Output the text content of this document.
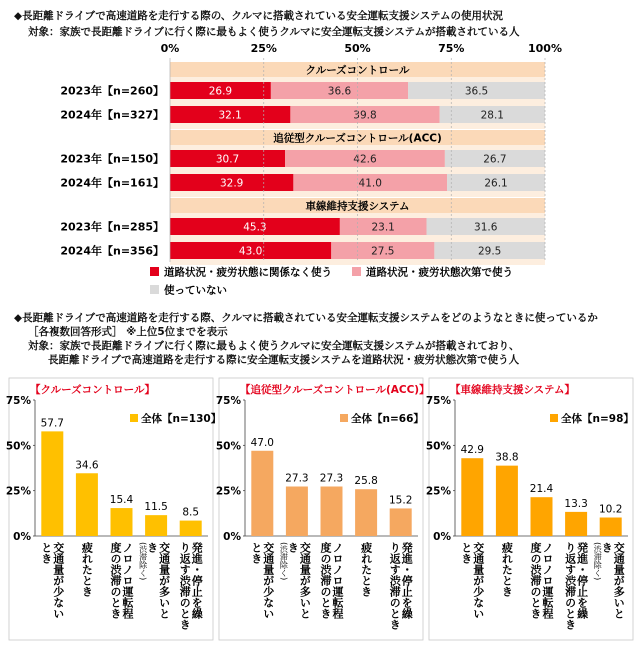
◆長距離ドライブで高速道路を走行する際の、クルマに搭載されている安全運転支援システムの使用状況
対象：家族で長距離ドライブに行く際に最もよく使うクルマに安全運転支援システムが搭載されている人
◆長距離ドライブで高速道路を走行する際、クルマに搭載されている安全運転支援システムをどのようなときに使っているか
［各複数回答形式］ ※上位5位までを表示
対象：家族で長距離ドライブに行く際に最もよく使うクルマに安全運転支援システムが搭載されており、
長距離ドライブで高速道路を走行する際に安全運転支援システムを道路状況・疲労状態次第で使う人
0%	25%	50%	75%	100%
クルーズコントロール
2023年【n=260】	26.9	36.6	36.5
2024年【n=327】	32.1	39.8	28.1
追従型クルーズコントロール(ACC)
2023年【n=150】	30.7	42.6	26.7
2024年【n=161】	32.9	41.0	26.1
車線維持支援システム
2023年【n=285】	45.3	23.1	31.6
2024年【n=356】	43.0	27.5	29.5
道路状況・疲労状態に関係なく使う	道路状況・疲労状態次第で使う
使っていない
【クルーズコントロール】
0%
25%
50%
75%
全体【n=130】
57.7
交通量が少ない
とき
34.6
疲れたとき
15.4
ノロノロ運転程
度の渋滞のとき
11.5
交通量が多いと
き
(渋滞除く)
8.5
発進・停止を繰
り返す渋滞のとき
【追従型クルーズコントロール(ACC)】
0%
25%
50%
75%
全体【n=66】
47.0
交通量が少ない
とき
27.3
交通量が多いと
き
(渋滞除く)
27.3
ノロノロ運転程
度の渋滞のとき
25.8
疲れたとき
15.2
発進・停止を繰
り返す渋滞のとき
【車線維持支援システム】
0%
25%
50%
75%
全体【n=98】
42.9
交通量が少ない
とき
38.8
疲れたとき
21.4
ノロノロ運転程
度の渋滞のとき
13.3
発進・停止を繰
り返す渋滞のとき
10.2
交通量が多いと
き
(渋滞除く)
